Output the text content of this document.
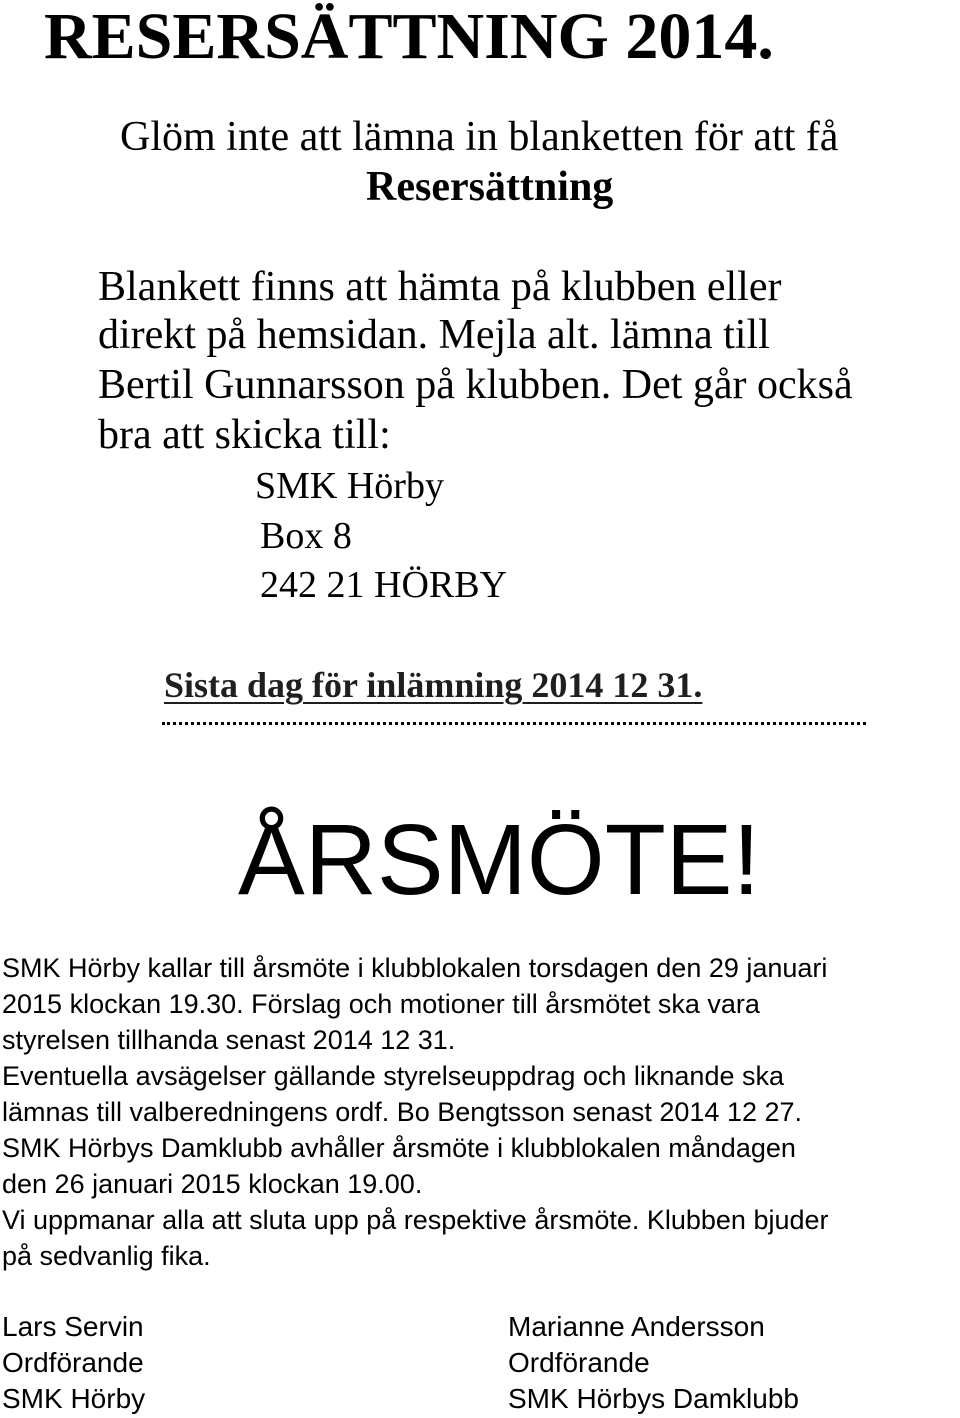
RESERSÄTTNING 2014.
Glöm inte att lämna in blanketten för att få
Resersättning
Blankett finns att hämta på klubben eller
direkt på hemsidan. Mejla alt. lämna till
Bertil Gunnarsson på klubben. Det går också
bra att skicka till:
SMK Hörby
Box 8
242 21 HÖRBY
Sista dag för inlämning 2014 12 31.
ÅRSMÖTE!
SMK Hörby kallar till årsmöte i klubblokalen torsdagen den 29 januari
2015 klockan 19.30. Förslag och motioner till årsmötet ska vara
styrelsen tillhanda senast 2014 12 31.
Eventuella avsägelser gällande styrelseuppdrag och liknande ska
lämnas till valberedningens ordf. Bo Bengtsson senast 2014 12 27.
SMK Hörbys Damklubb avhåller årsmöte i klubblokalen måndagen
den 26 januari 2015 klockan 19.00.
Vi uppmanar alla att sluta upp på respektive årsmöte. Klubben bjuder
på sedvanlig fika.
Lars Servin
Ordförande
SMK Hörby
Marianne Andersson
Ordförande
SMK Hörbys Damklubb
